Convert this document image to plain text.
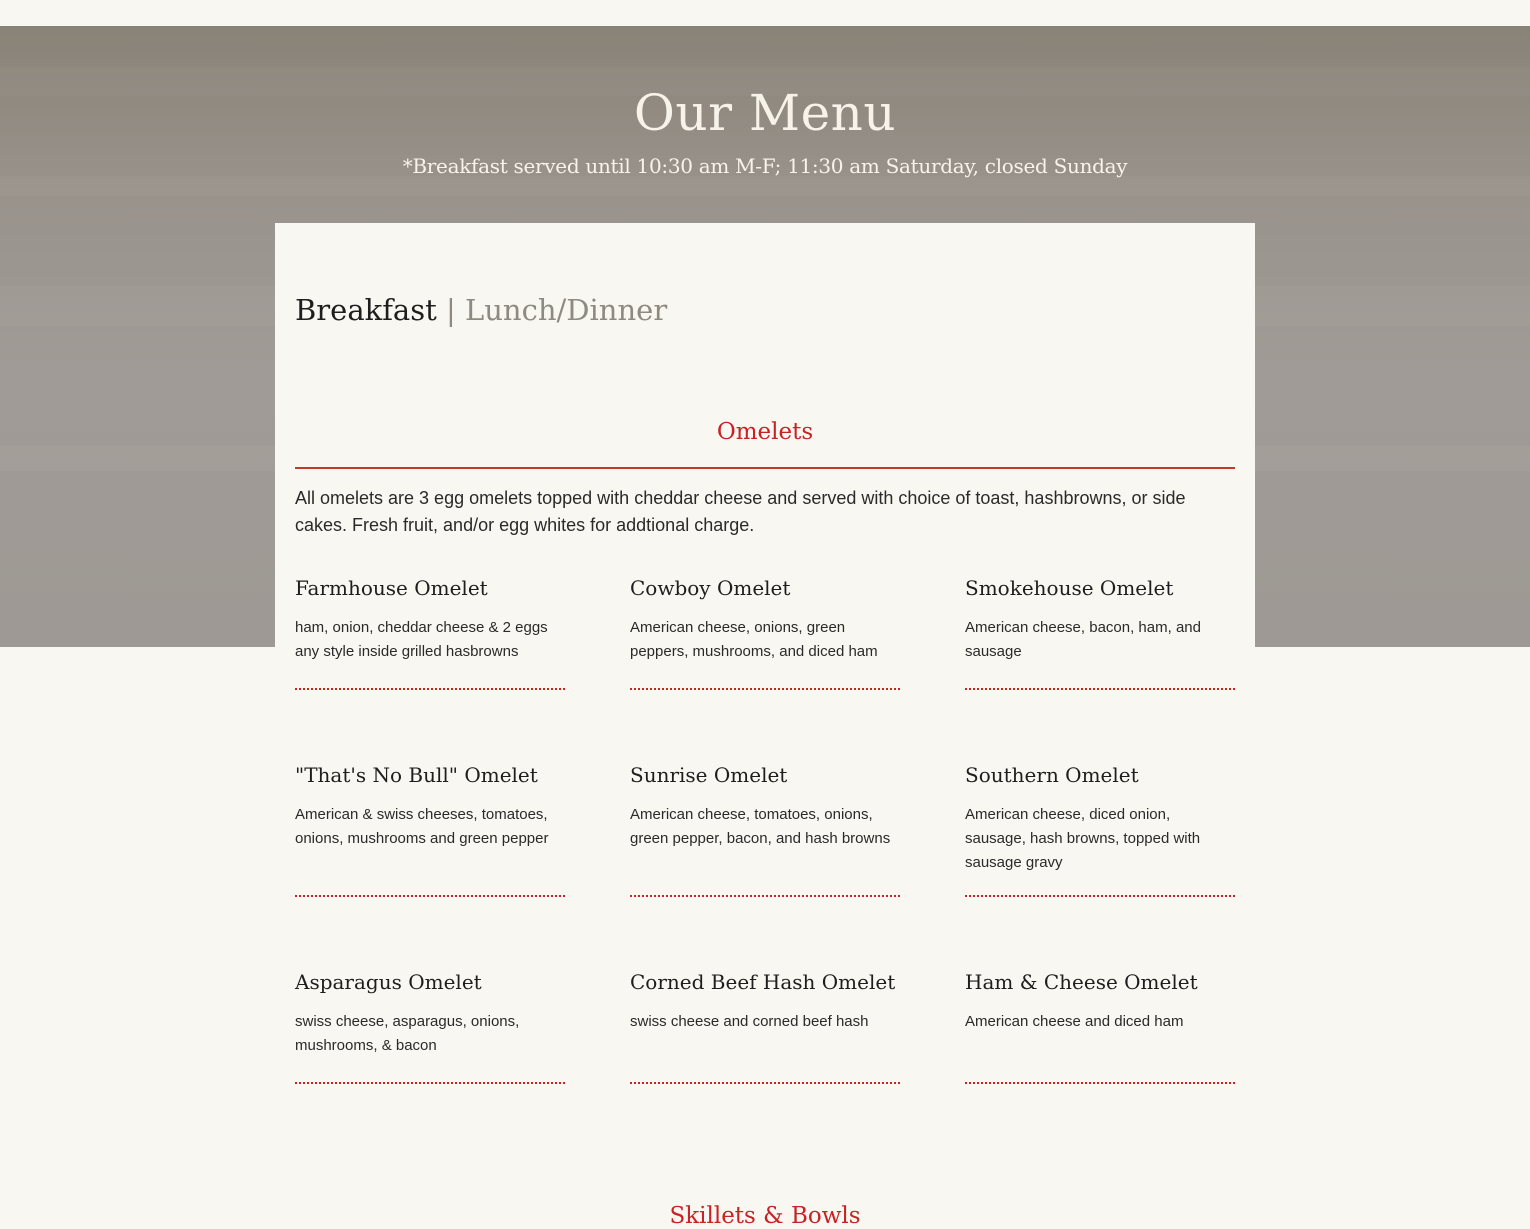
Our Menu
*Breakfast served until 10:30 am M-F; 11:30 am Saturday, closed Sunday
Breakfast | Lunch/Dinner
Omelets
All omelets are 3 egg omelets topped with cheddar cheese and served with choice of toast, hashbrowns, or side cakes. Fresh fruit, and/or egg whites for addtional charge.
Farmhouse Omelet
ham, onion, cheddar cheese & 2 eggs any style inside grilled hasbrowns
Cowboy Omelet
American cheese, onions, green peppers, mushrooms, and diced ham
Smokehouse Omelet
American cheese, bacon, ham, and sausage
"That's No Bull" Omelet
American & swiss cheeses, tomatoes, onions, mushrooms and green pepper
Sunrise Omelet
American cheese, tomatoes, onions, green pepper, bacon, and hash browns
Southern Omelet
American cheese, diced onion, sausage, hash browns, topped with sausage gravy
Asparagus Omelet
swiss cheese, asparagus, onions, mushrooms, & bacon
Corned Beef Hash Omelet
swiss cheese and corned beef hash
Ham & Cheese Omelet
American cheese and diced ham
Skillets & Bowls
